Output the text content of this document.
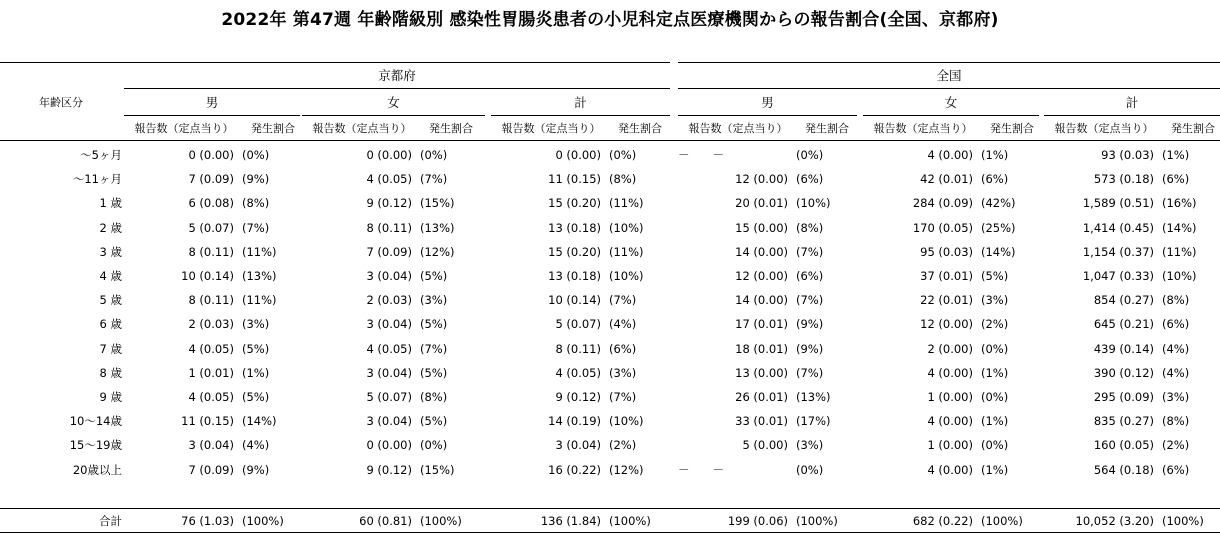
2022年 第47週 年齢階級別 感染性胃腸炎患者の小児科定点医療機関からの報告割合(全国、京都府)
年齢区分
京都府
男
報告数（定点当り）	発生割合
女
報告数（定点当り）	発生割合
計
報告数（定点当り）	発生割合
全国
男
報告数（定点当り）	発生割合
女
報告数（定点当り）	発生割合
計
報告数（定点当り）	発生割合
～5ヶ月	0 (0.00) (0%)	0 (0.00) (0%)	0 (0.00) (0%)	－　　－	(0%)	4 (0.00) (1%)	93 (0.03) (1%)
～11ヶ月	7 (0.09) (9%)	4 (0.05) (7%)	11 (0.15) (8%)	12 (0.00) (6%)	42 (0.01) (6%)	573 (0.18) (6%)
1 歳	6 (0.08) (8%)	9 (0.12) (15%)	15 (0.20) (11%)	20 (0.01) (10%)	284 (0.09) (42%)	1,589 (0.51) (16%)
2 歳	5 (0.07) (7%)	8 (0.11) (13%)	13 (0.18) (10%)	15 (0.00) (8%)	170 (0.05) (25%)	1,414 (0.45) (14%)
3 歳	8 (0.11) (11%)	7 (0.09) (12%)	15 (0.20) (11%)	14 (0.00) (7%)	95 (0.03) (14%)	1,154 (0.37) (11%)
4 歳	10 (0.14) (13%)	3 (0.04) (5%)	13 (0.18) (10%)	12 (0.00) (6%)	37 (0.01) (5%)	1,047 (0.33) (10%)
5 歳	8 (0.11) (11%)	2 (0.03) (3%)	10 (0.14) (7%)	14 (0.00) (7%)	22 (0.01) (3%)	854 (0.27) (8%)
6 歳	2 (0.03) (3%)	3 (0.04) (5%)	5 (0.07) (4%)	17 (0.01) (9%)	12 (0.00) (2%)	645 (0.21) (6%)
7 歳	4 (0.05) (5%)	4 (0.05) (7%)	8 (0.11) (6%)	18 (0.01) (9%)	2 (0.00) (0%)	439 (0.14) (4%)
8 歳	1 (0.01) (1%)	3 (0.04) (5%)	4 (0.05) (3%)	13 (0.00) (7%)	4 (0.00) (1%)	390 (0.12) (4%)
9 歳	4 (0.05) (5%)	5 (0.07) (8%)	9 (0.12) (7%)	26 (0.01) (13%)	1 (0.00) (0%)	295 (0.09) (3%)
10～14歳	11 (0.15) (14%)	3 (0.04) (5%)	14 (0.19) (10%)	33 (0.01) (17%)	4 (0.00) (1%)	835 (0.27) (8%)
15～19歳	3 (0.04) (4%)	0 (0.00) (0%)	3 (0.04) (2%)	5 (0.00) (3%)	1 (0.00) (0%)	160 (0.05) (2%)
20歳以上	7 (0.09) (9%)	9 (0.12) (15%)	16 (0.22) (12%)	－　　－	(0%)	4 (0.00) (1%)	564 (0.18) (6%)
合計	76 (1.03) (100%)	60 (0.81) (100%)	136 (1.84) (100%)	199 (0.06) (100%)	682 (0.22) (100%)	10,052 (3.20) (100%)
